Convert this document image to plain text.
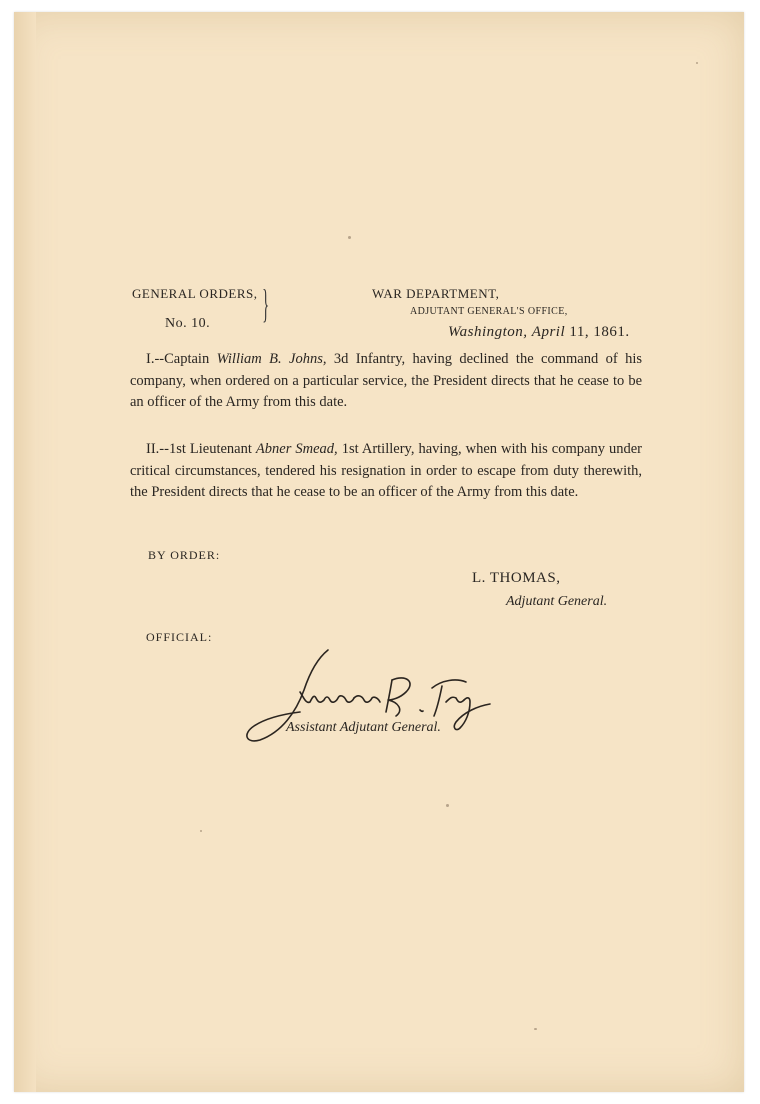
GENERAL ORDERS,
No. 10. }	WAR DEPARTMENT,
ADJUTANT GENERAL'S OFFICE,
Washington, April 11, 1861.
I.--Captain William B. Johns, 3d Infantry, having declined the command of his company, when ordered on a particular service, the President directs that he cease to be an officer of the Army from this date.
II.--1st Lieutenant Abner Smead, 1st Artillery, having, when with his company under critical circumstances, tendered his resignation in order to escape from duty therewith, the President directs that he cease to be an officer of the Army from this date.
BY ORDER:
L. THOMAS,
Adjutant General.
OFFICIAL:
Assistant Adjutant General.
